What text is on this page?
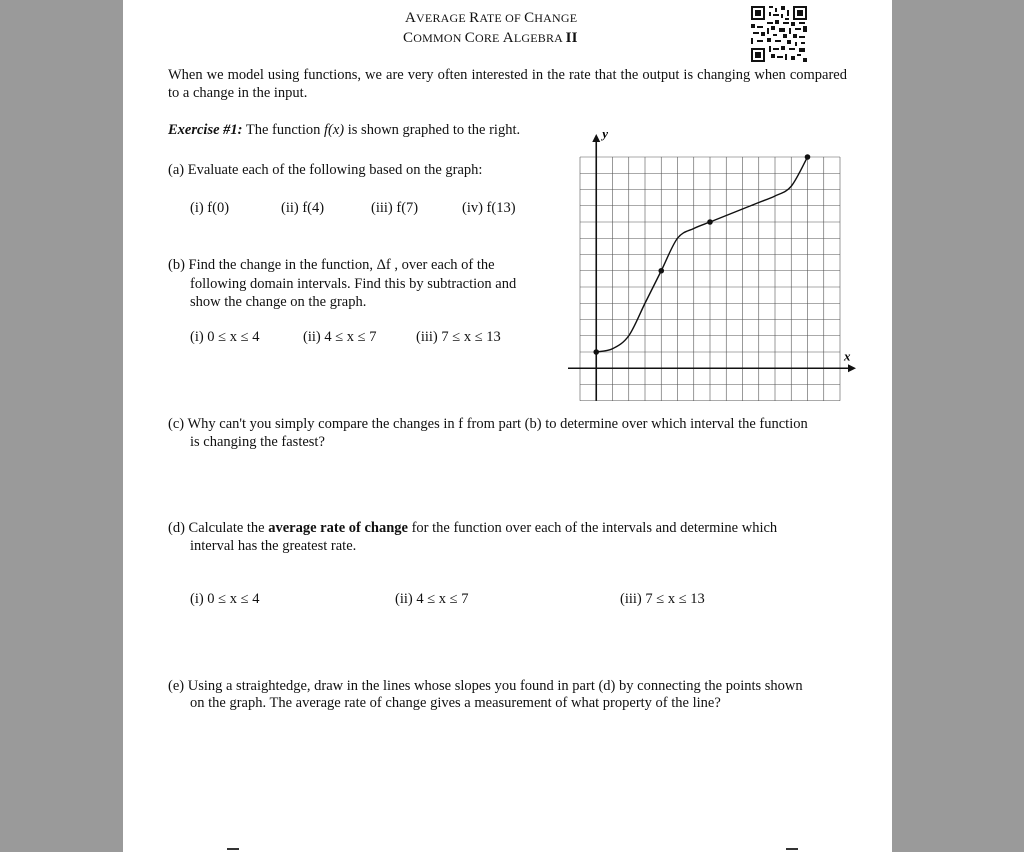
AVERAGE RATE OF CHANGE
COMMON CORE ALGEBRA II
When we model using functions, we are very often interested in the rate that the output is changing when compared to a change in the input.
Exercise #1: The function f(x) is shown graphed to the right.
(a) Evaluate each of the following based on the graph:
(i) f(0)	(ii) f(4)	(iii) f(7)	(iv) f(13)
(b) Find the change in the function, Δf , over each of the
following domain intervals. Find this by subtraction and
show the change on the graph.
(i) 0 ≤ x ≤ 4	(ii) 4 ≤ x ≤ 7	(iii) 7 ≤ x ≤ 13
x
y
(c) Why can't you simply compare the changes in f from part (b) to determine over which interval the function
is changing the fastest?
(d) Calculate the average rate of change for the function over each of the intervals and determine which
interval has the greatest rate.
(i) 0 ≤ x ≤ 4	(ii) 4 ≤ x ≤ 7	(iii) 7 ≤ x ≤ 13
(e) Using a straightedge, draw in the lines whose slopes you found in part (d) by connecting the points shown
on the graph. The average rate of change gives a measurement of what property of the line?
